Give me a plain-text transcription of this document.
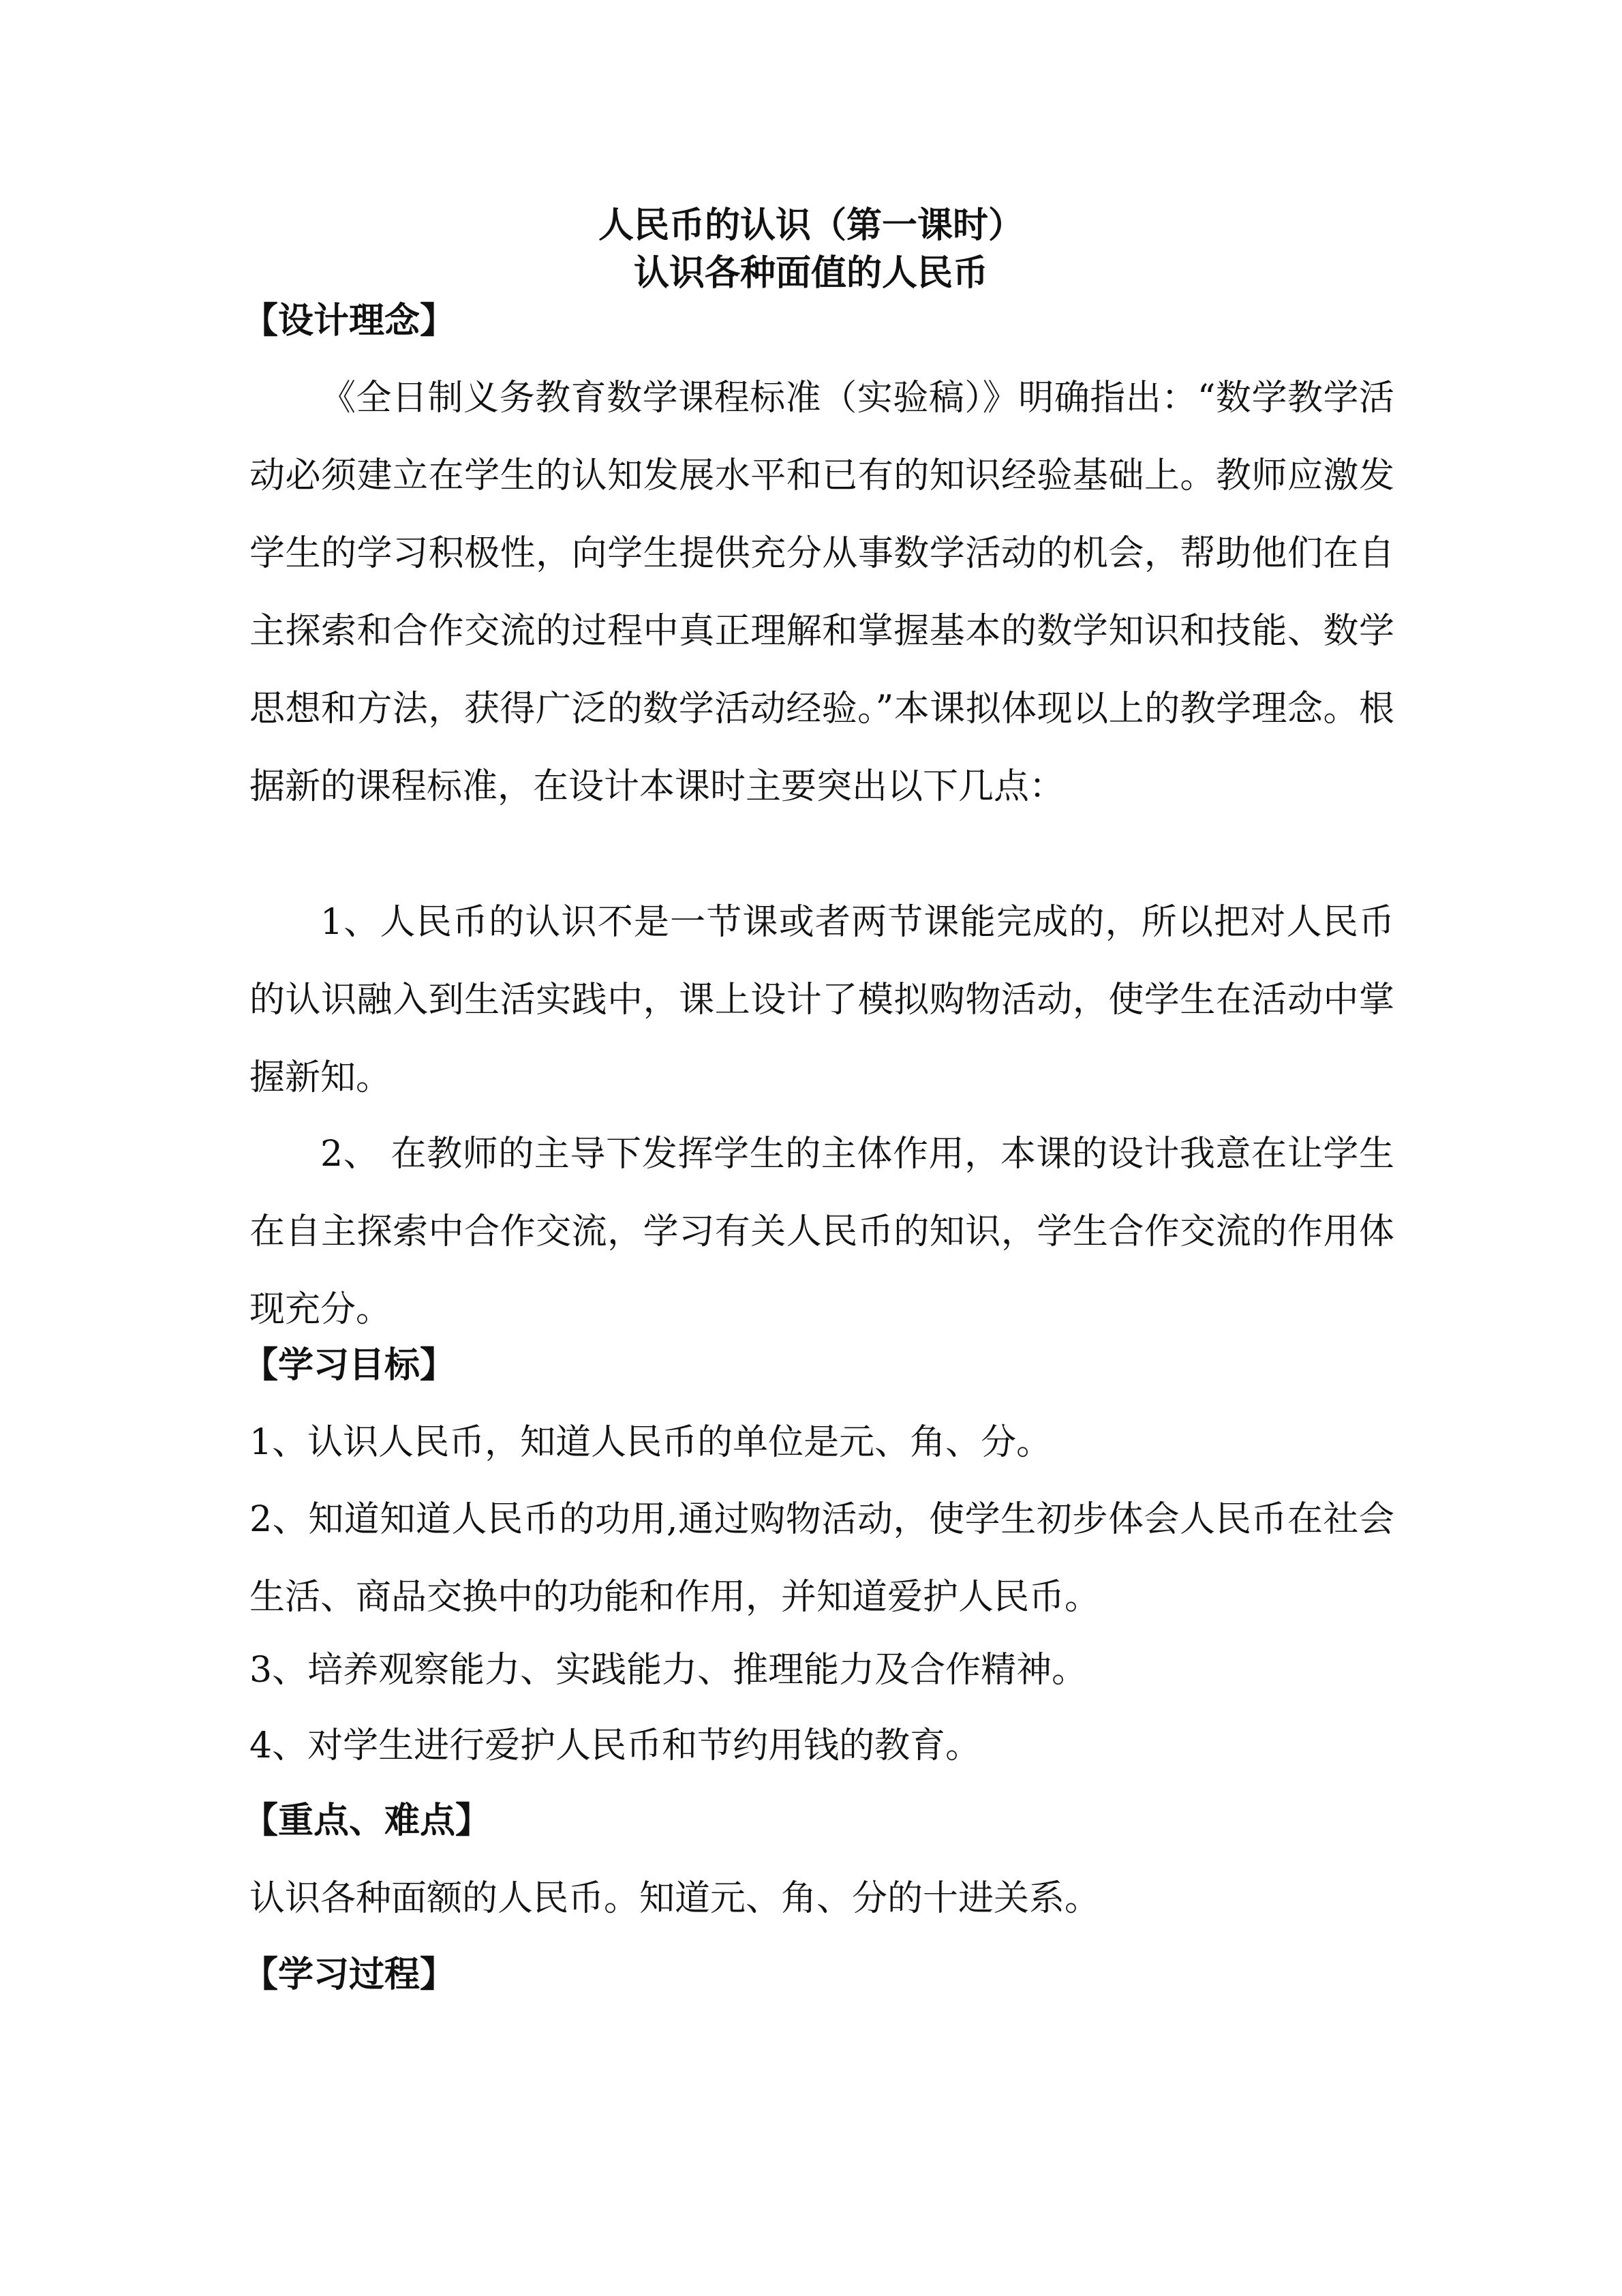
人民币的认识（第一课时）
认识各种面值的人民币
【设计理念】
《全日制义务教育数学课程标准（实验稿）》明确指出：“数学教学活动必须建立在学生的认知发展水平和已有的知识经验基础上。教师应激发学生的学习积极性，向学生提供充分从事数学活动的机会，帮助他们在自主探索和合作交流的过程中真正理解和掌握基本的数学知识和技能、数学思想和方法，获得广泛的数学活动经验。”本课拟体现以上的教学理念。根据新的课程标准，在设计本课时主要突出以下几点：
1、人民币的认识不是一节课或者两节课能完成的，所以把对人民币的认识融入到生活实践中，课上设计了模拟购物活动，使学生在活动中掌握新知。
2、 在教师的主导下发挥学生的主体作用，本课的设计我意在让学生在自主探索中合作交流，学习有关人民币的知识，学生合作交流的作用体现充分。
【学习目标】
1、认识人民币，知道人民币的单位是元、角、分。
2、知道知道人民币的功用,通过购物活动，使学生初步体会人民币在社会生活、商品交换中的功能和作用，并知道爱护人民币。
3、培养观察能力、实践能力、推理能力及合作精神。
4、对学生进行爱护人民币和节约用钱的教育。
【重点、难点】
认识各种面额的人民币。知道元、角、分的十进关系。
【学习过程】
